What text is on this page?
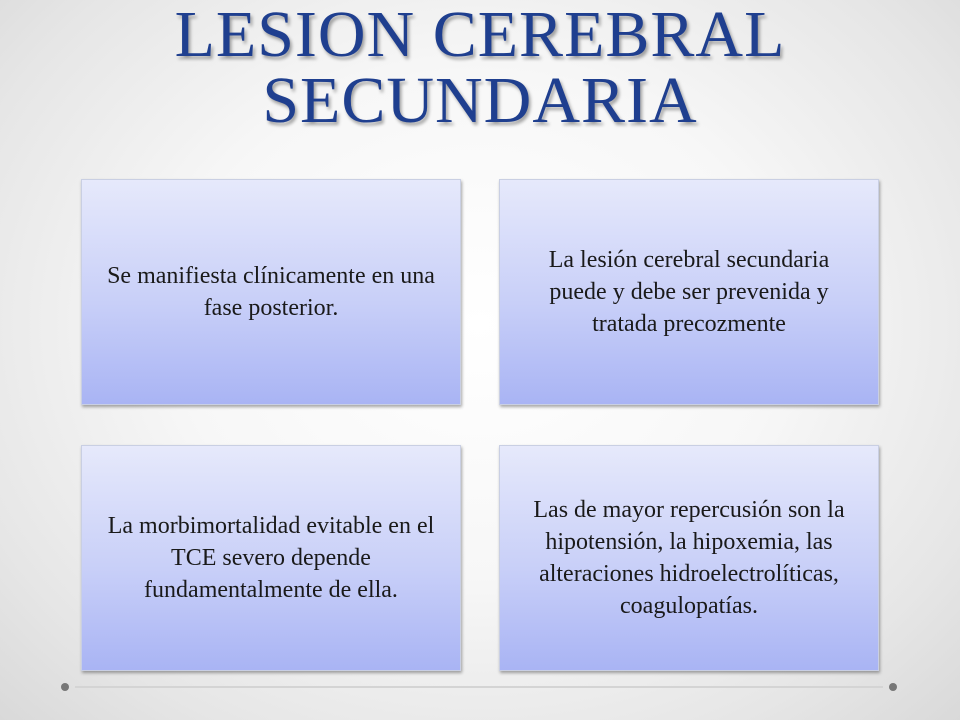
LESION CEREBRAL
SECUNDARIA
Se manifiesta clínicamente en una fase posterior.
La lesión cerebral secundaria puede y debe ser prevenida y tratada precozmente
La morbimortalidad evitable en el TCE severo depende fundamentalmente de ella.
Las de mayor repercusión son la hipotensión, la hipoxemia, las alteraciones hidroelectrolíticas, coagulopatías.
